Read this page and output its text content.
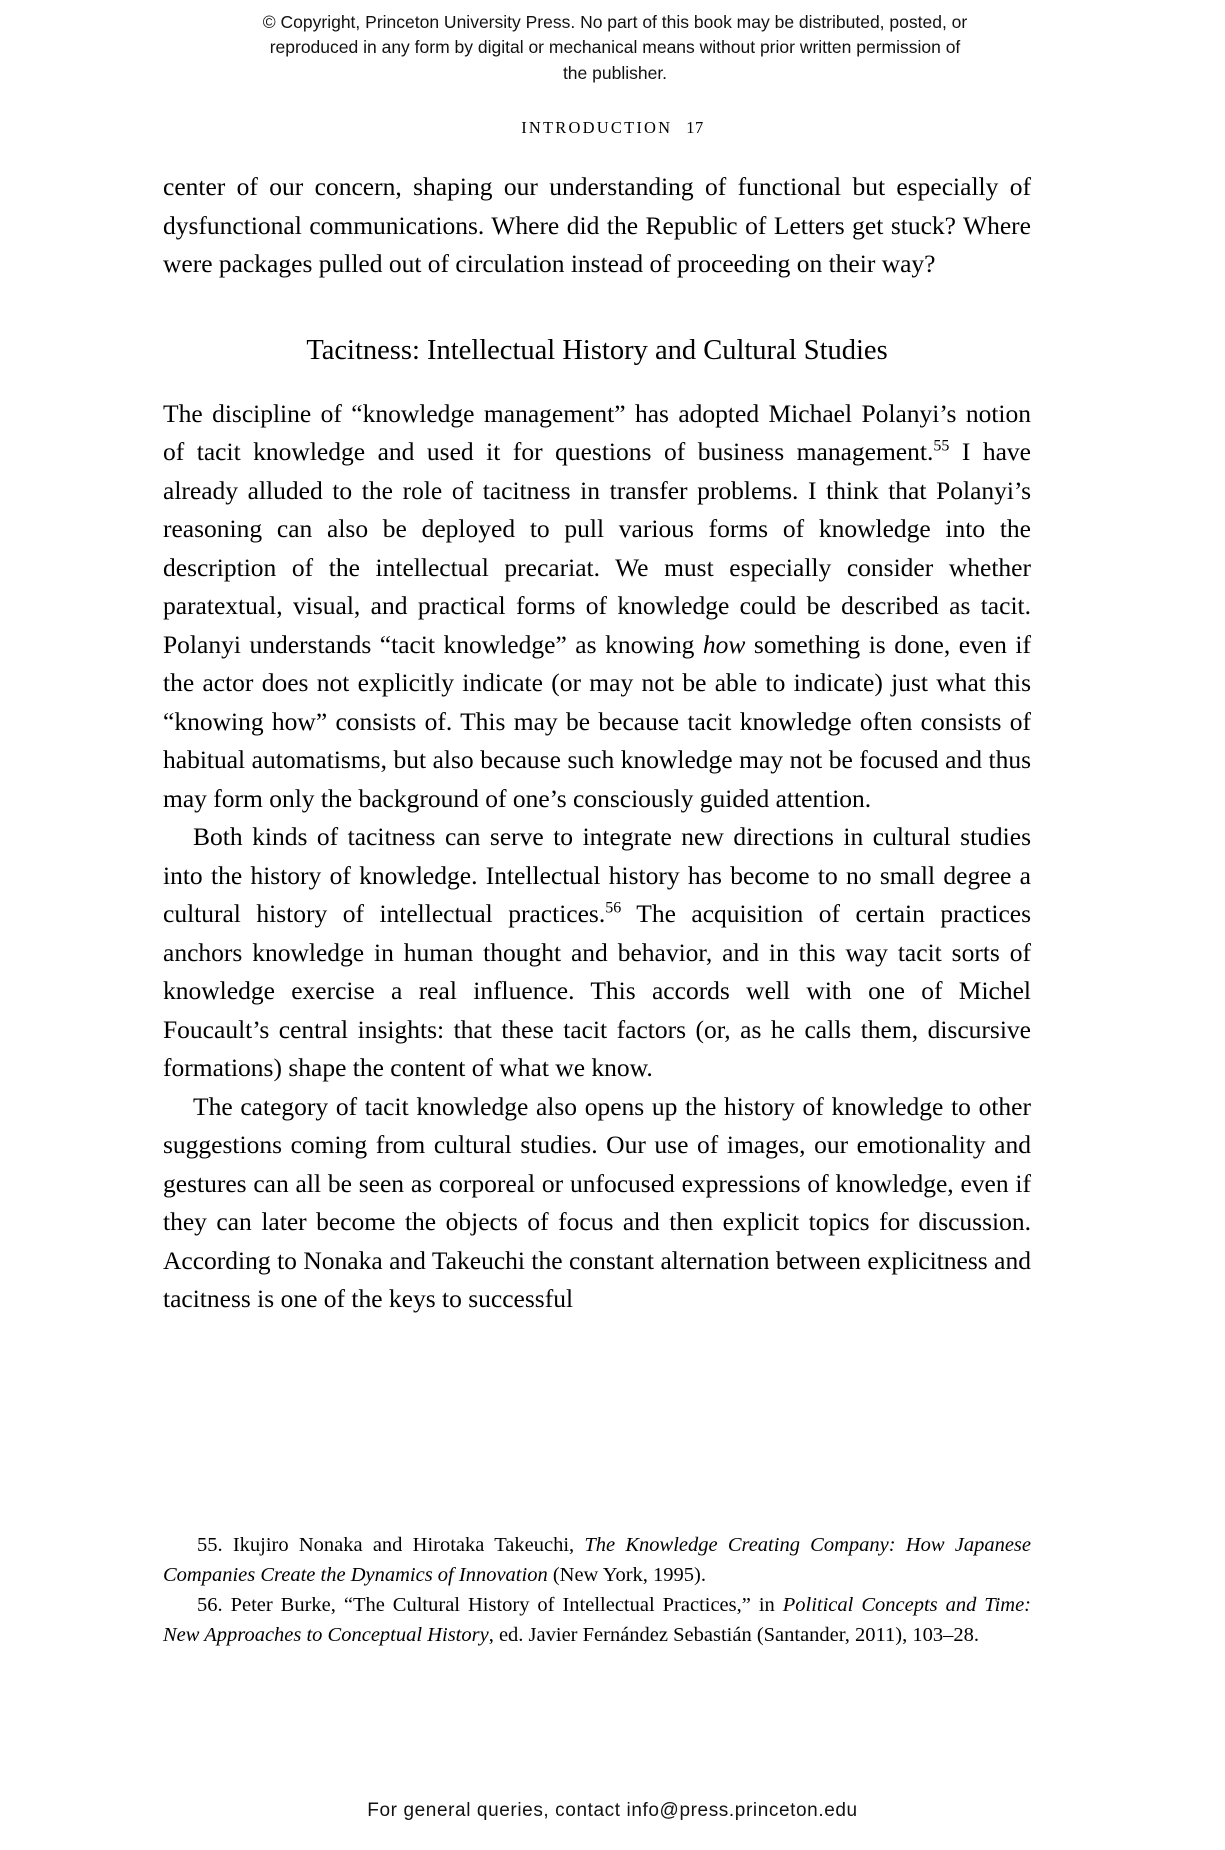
© Copyright, Princeton University Press. No part of this book may be distributed, posted, or reproduced in any form by digital or mechanical means without prior written permission of the publisher.
INTRODUCTION 17

center of our concern, shaping our understanding of functional but especially of dysfunctional communications. Where did the Republic of Letters get stuck? Where were packages pulled out of circulation instead of proceeding on their way?

Tacitness: Intellectual History and Cultural Studies

The discipline of “knowledge management” has adopted Michael Polanyi’s notion of tacit knowledge and used it for questions of business management.$^{55}$ I have already alluded to the role of tacitness in transfer problems. I think that Polanyi’s reasoning can also be deployed to pull various forms of knowledge into the description of the intellectual precariat. We must especially consider whether paratextual, visual, and practical forms of knowledge could be described as tacit. Polanyi understands “tacit knowledge” as knowing how something is done, even if the actor does not explicitly indicate (or may not be able to indicate) just what this “knowing how” consists of. This may be because tacit knowledge often consists of habitual automatisms, but also because such knowledge may not be focused and thus may form only the background of one’s consciously guided attention.

Both kinds of tacitness can serve to integrate new directions in cultural studies into the history of knowledge. Intellectual history has become to no small degree a cultural history of intellectual practices.$^{56}$ The acquisition of certain practices anchors knowledge in human thought and behavior, and in this way tacit sorts of knowledge exercise a real influence. This accords well with one of Michel Foucault’s central insights: that these tacit factors (or, as he calls them, discursive formations) shape the content of what we know.

The category of tacit knowledge also opens up the history of knowledge to other suggestions coming from cultural studies. Our use of images, our emotionality and gestures can all be seen as corporeal or unfocused expressions of knowledge, even if they can later become the objects of focus and then explicit topics for discussion. According to Nonaka and Takeuchi the constant alternation between explicitness and tacitness is one of the keys to successful

55. Ikujiro Nonaka and Hirotaka Takeuchi, The Knowledge Creating Company: How Japanese Companies Create the Dynamics of Innovation (New York, 1995).

56. Peter Burke, “The Cultural History of Intellectual Practices,” in Political Concepts and Time: New Approaches to Conceptual History, ed. Javier Fernández Sebastián (Santander, 2011), 103–28.

For general queries, contact info@press.princeton.edu
